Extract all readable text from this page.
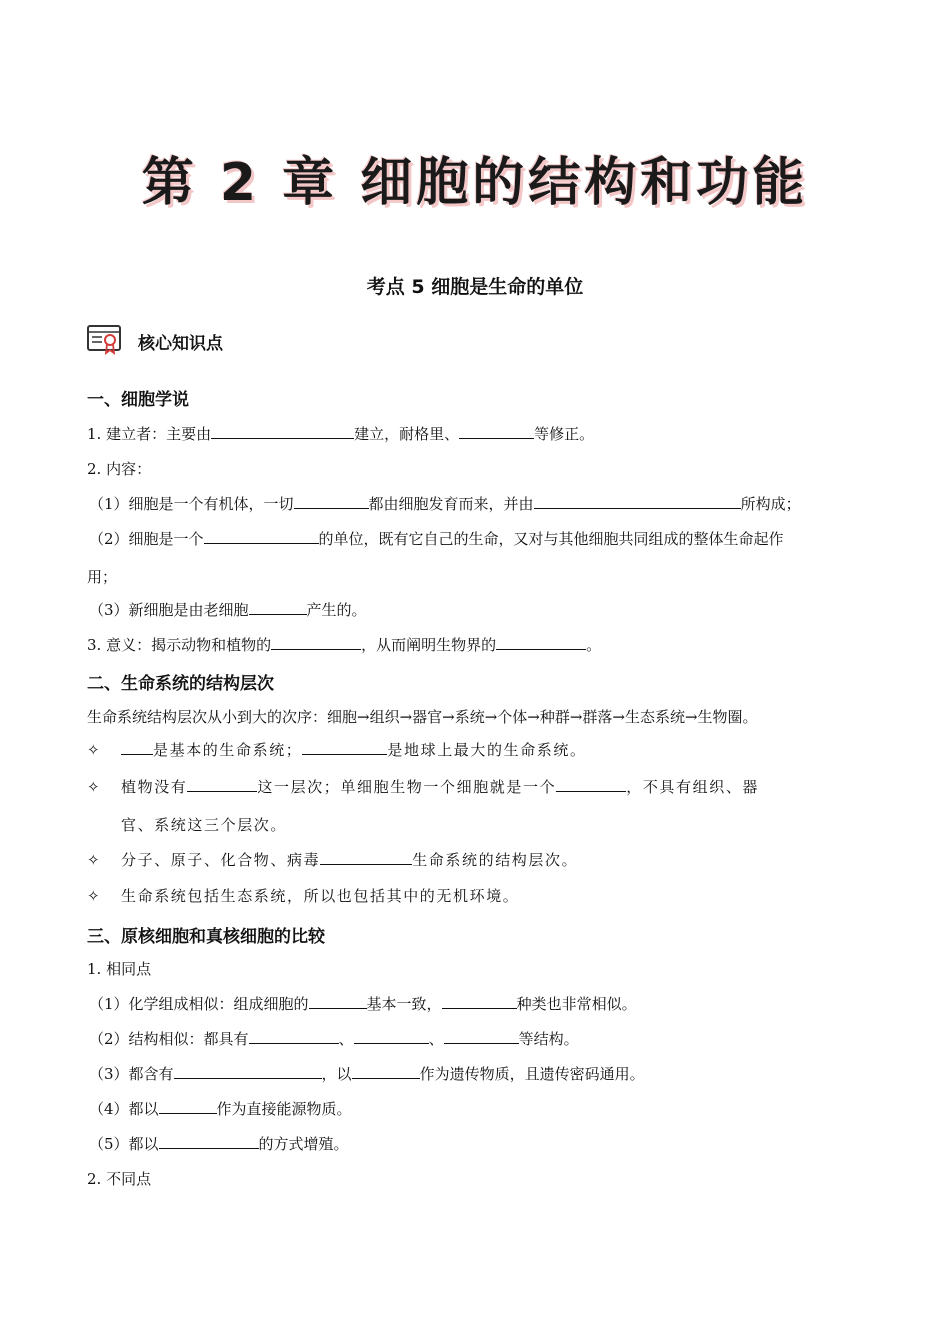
第 2 章 细胞的结构和功能
考点 5 细胞是生命的单位
核心知识点
一、细胞学说
1. 建立者：主要由	建立，耐格里、	等修正。
2. 内容：
（1）细胞是一个有机体，一切	都由细胞发育而来，并由	所构成；
（2）细胞是一个	的单位，既有它自己的生命，又对与其他细胞共同组成的整体生命起作
用；
（3）新细胞是由老细胞	产生的。
3. 意义：揭示动物和植物的	，从而阐明生物界的	。
二、生命系统的结构层次
生命系统结构层次从小到大的次序：细胞→组织→器官→系统→个体→种群→群落→生态系统→生物圈。
✧	是基本的生命系统；	是地球上最大的生命系统。
✧ 植物没有	这一层次；单细胞生物一个细胞就是一个	，不具有组织、器
官、系统这三个层次。
✧ 分子、原子、化合物、病毒	生命系统的结构层次。
✧ 生命系统包括生态系统，所以也包括其中的无机环境。
三、原核细胞和真核细胞的比较
1. 相同点
（1）化学组成相似：组成细胞的	基本一致，	种类也非常相似。
（2）结构相似：都具有	、	、	等结构。
（3）都含有	，以	作为遗传物质，且遗传密码通用。
（4）都以	作为直接能源物质。
（5）都以	的方式增殖。
2. 不同点
